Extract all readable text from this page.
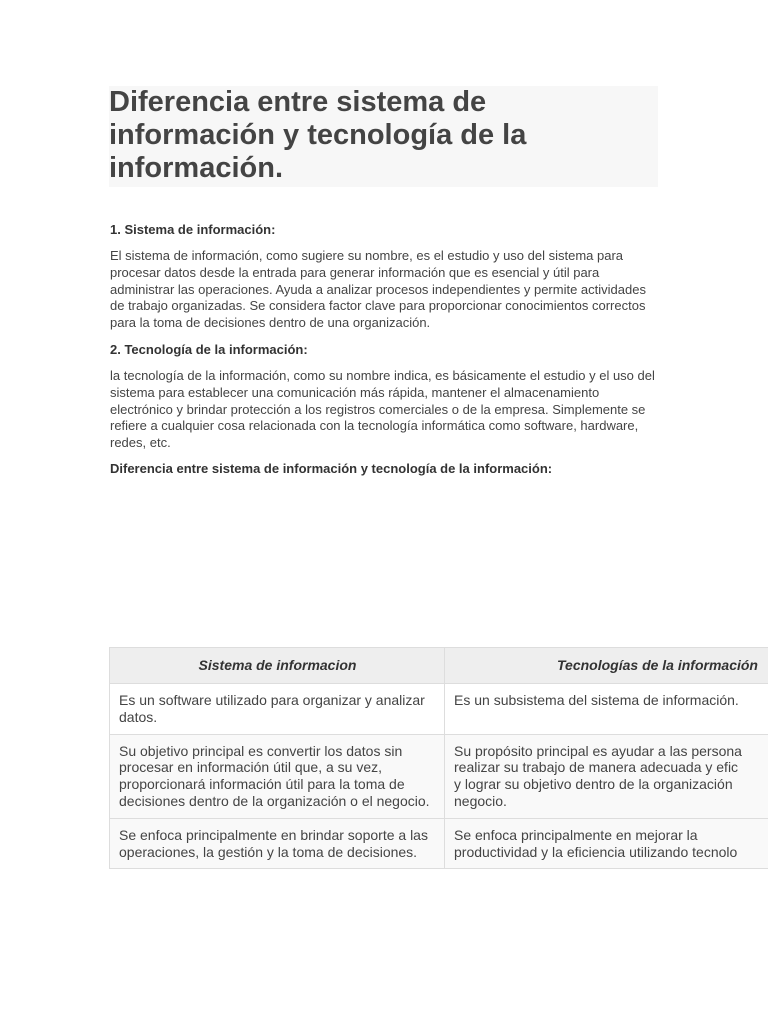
Diferencia entre sistema de información y tecnología de la información.

1. Sistema de información:

El sistema de información, como sugiere su nombre, es el estudio y uso del sistema para procesar datos desde la entrada para generar información que es esencial y útil para administrar las operaciones. Ayuda a analizar procesos independientes y permite actividades de trabajo organizadas. Se considera factor clave para proporcionar conocimientos correctos para la toma de decisiones dentro de una organización.

2. Tecnología de la información:

la tecnología de la información, como su nombre indica, es básicamente el estudio y el uso del sistema para establecer una comunicación más rápida, mantener el almacenamiento electrónico y brindar protección a los registros comerciales o de la empresa. Simplemente se refiere a cualquier cosa relacionada con la tecnología informática como software, hardware, redes, etc.

Diferencia entre sistema de información y tecnología de la información:

Sistema de informacion	Tecnologías de la información
Es un software utilizado para organizar y analizar datos.	Es un subsistema del sistema de información.
Su objetivo principal es convertir los datos sin procesar en información útil que, a su vez, proporcionará información útil para la toma de decisiones dentro de la organización o el negocio.	Su propósito principal es ayudar a las persona
realizar su trabajo de manera adecuada y efic
y lograr su objetivo dentro de la organización
negocio.

Se enfoca principalmente en brindar soporte a las operaciones, la gestión y la toma de decisiones.	Se enfoca principalmente en mejorar la
productividad y la eficiencia utilizando tecnolo
